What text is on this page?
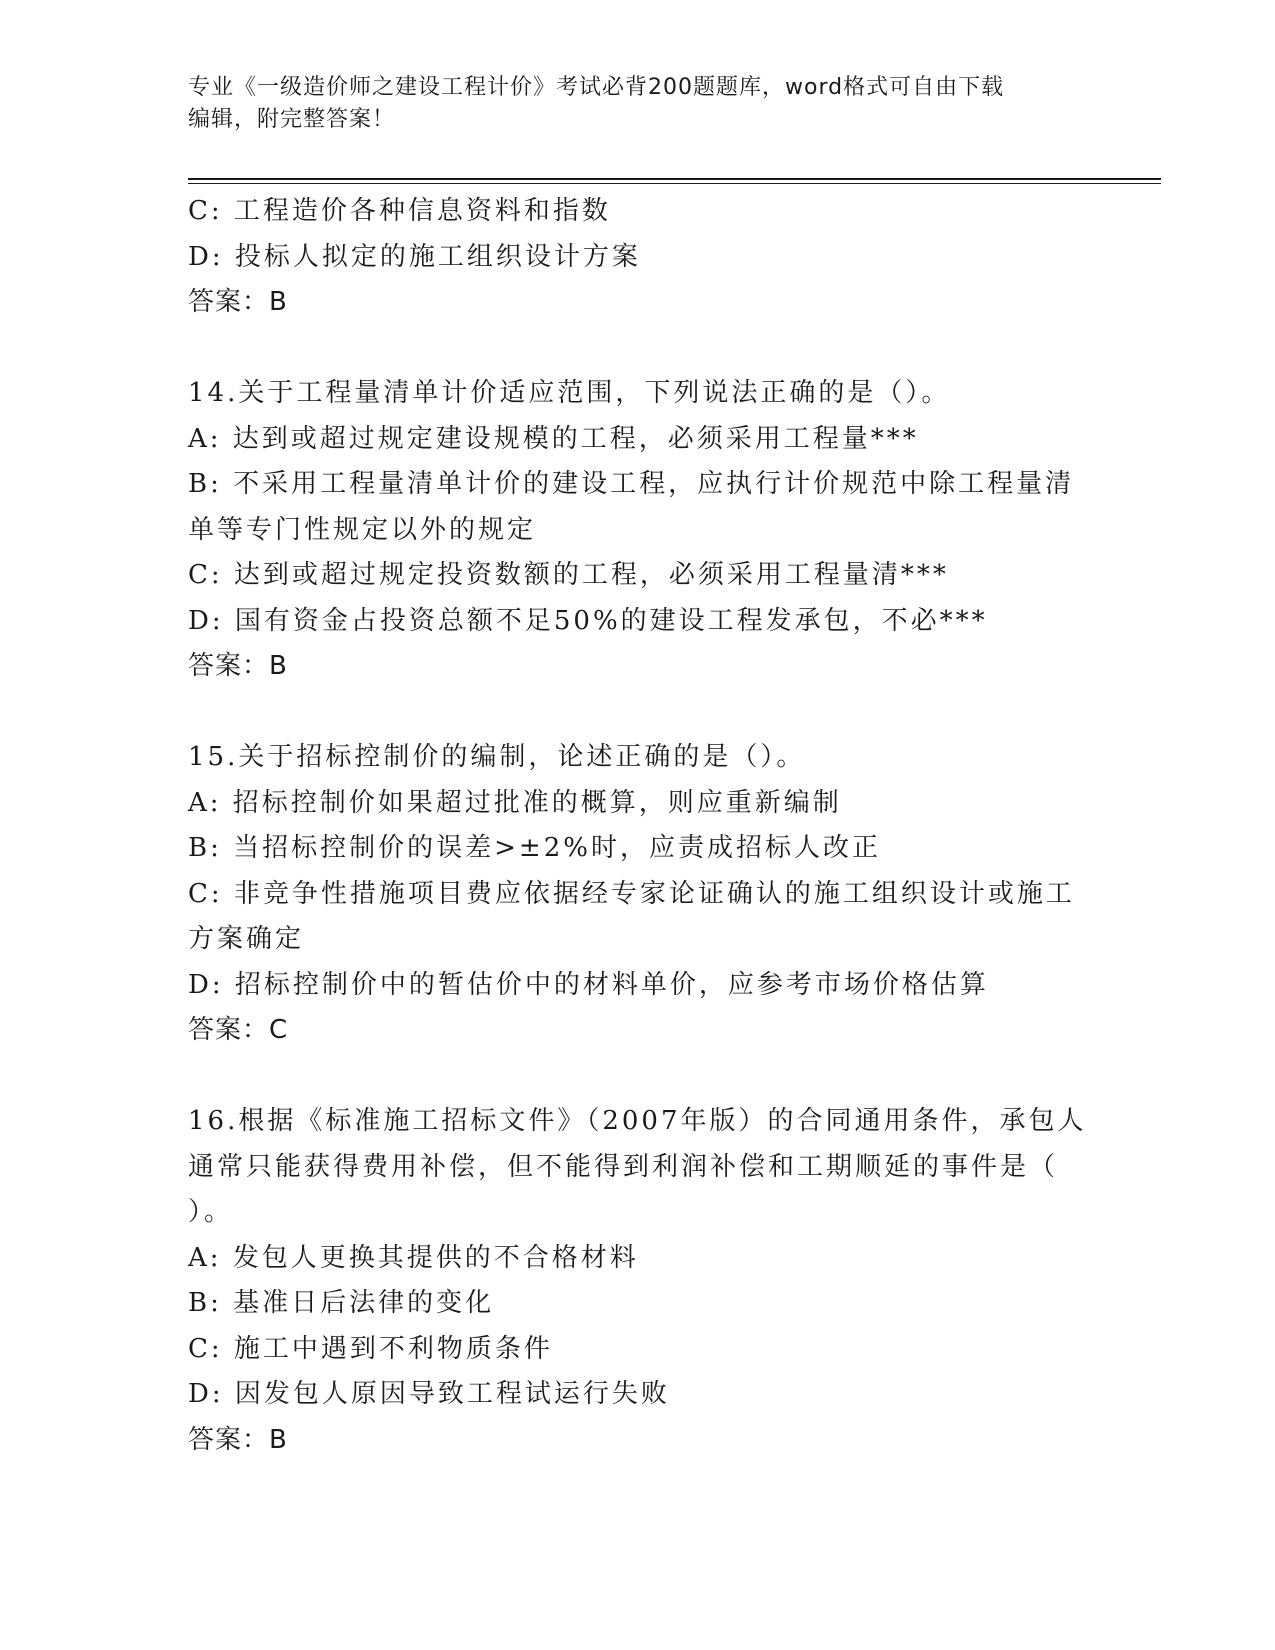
专业《一级造价师之建设工程计价》考试必背200题题库，word格式可自由下载
编辑，附完整答案！
C: 工程造价各种信息资料和指数
D: 投标人拟定的施工组织设计方案
答案：B
14.关于工程量清单计价适应范围，下列说法正确的是（）。
A: 达到或超过规定建设规模的工程，必须采用工程量***
B: 不采用工程量清单计价的建设工程，应执行计价规范中除工程量清
单等专门性规定以外的规定
C: 达到或超过规定投资数额的工程，必须采用工程量清***
D: 国有资金占投资总额不足50%的建设工程发承包，不必***
答案：B
15.关于招标控制价的编制，论述正确的是（）。
A: 招标控制价如果超过批准的概算，则应重新编制
B: 当招标控制价的误差>±2%时，应责成招标人改正
C: 非竞争性措施项目费应依据经专家论证确认的施工组织设计或施工
方案确定
D: 招标控制价中的暂估价中的材料单价，应参考市场价格估算
答案：C
16.根据《标准施工招标文件》（2007年版）的合同通用条件，承包人
通常只能获得费用补偿，但不能得到利润补偿和工期顺延的事件是（
）。
A: 发包人更换其提供的不合格材料
B: 基准日后法律的变化
C: 施工中遇到不利物质条件
D: 因发包人原因导致工程试运行失败
答案：B
